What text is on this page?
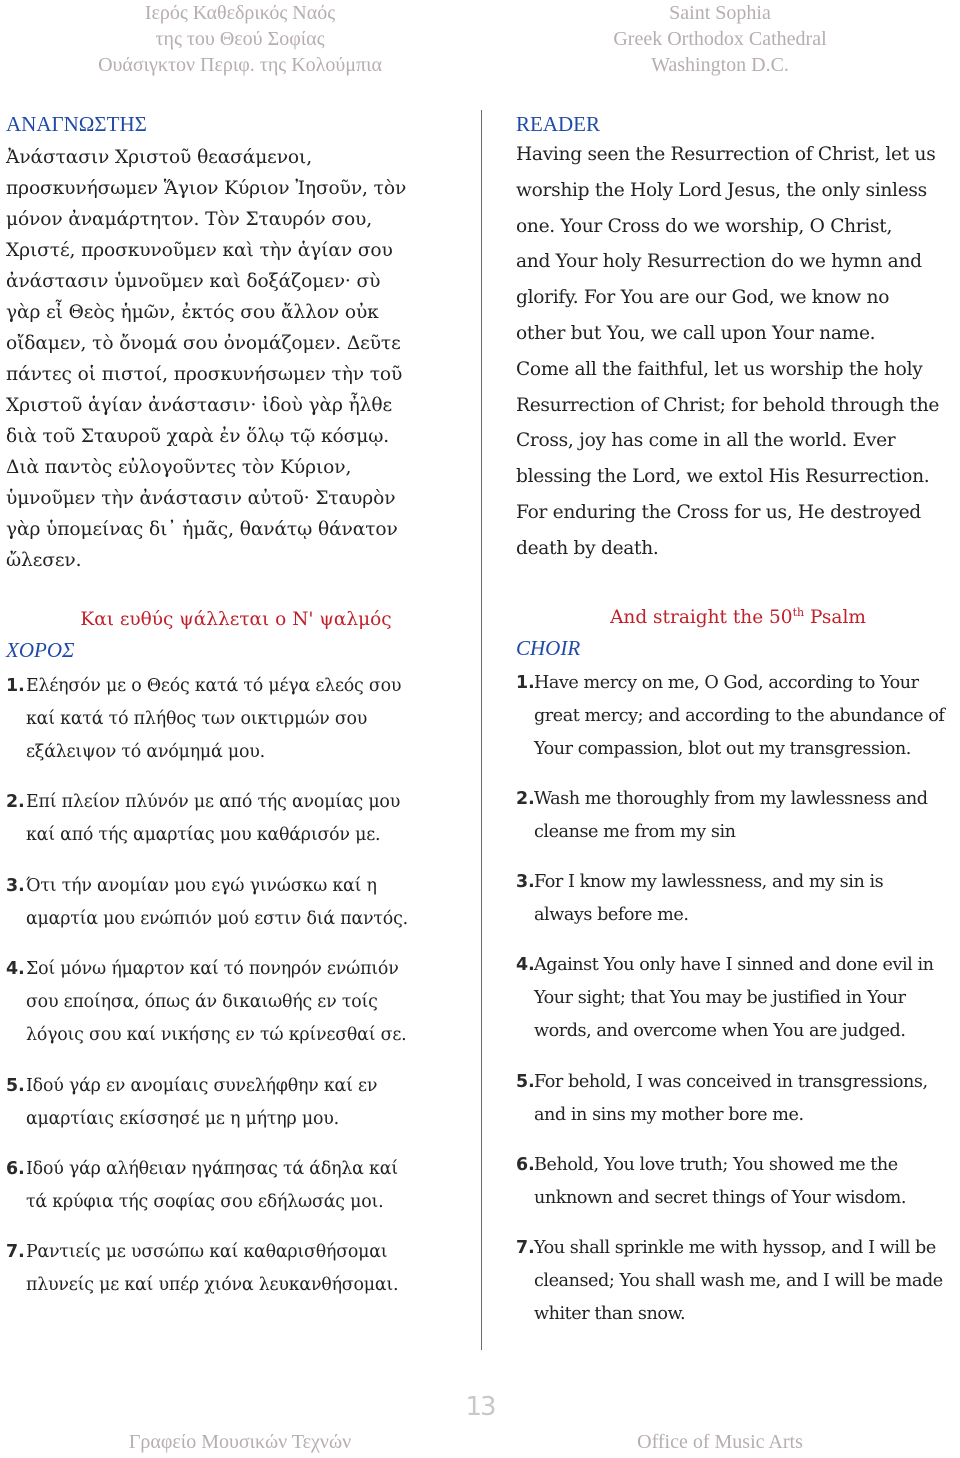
Ιερός Καθεδρικός Ναός
της του Θεού Σοφίας
Ουάσιγκτον Περιφ. της Κολούμπια
Saint Sophia
Greek Orthodox Cathedral
Washington D.C.
ΑΝΑΓΝΩΣΤΗΣ
Ἀνάστασιν Χριστοῦ θεασάμενοι,
προσκυνήσωμεν Ἅγιον Κύριον Ἰησοῦν, τὸν
μόνον ἀναμάρτητον. Τὸν Σταυρόν σου,
Χριστέ, προσκυνοῦμεν καὶ τὴν ἁγίαν σου
ἀνάστασιν ὑμνοῦμεν καὶ δοξάζομεν· σὺ
γὰρ εἶ Θεὸς ἡμῶν, ἐκτός σου ἄλλον οὐκ
οἴδαμεν, τὸ ὄνομά σου ὀνομάζομεν. Δεῦτε
πάντες οἱ πιστοί, προσκυνήσωμεν τὴν τοῦ
Χριστοῦ ἁγίαν ἀνάστασιν· ἰδοὺ γὰρ ἦλθε
διὰ τοῦ Σταυροῦ χαρὰ ἐν ὅλῳ τῷ κόσμῳ.
Διὰ παντὸς εὐλογοῦντες τὸν Κύριον,
ὑμνοῦμεν τὴν ἀνάστασιν αὐτοῦ· Σταυρὸν
γὰρ ὑπομείνας δι᾿ ἡμᾶς, θανάτῳ θάνατον
ὤλεσεν.
Και ευθύς ψάλλεται ο Ν' ψαλμός
ΧΟΡΟΣ
1. Ελέησόν με ο Θεός κατά τό μέγα ελεός σου
καί κατά τό πλήθος των οικτιρμών σου
εξάλειψον τό ανόμημά μου.
2. Επί πλείον πλύνόν με από τής ανομίας μου
καί από τής αμαρτίας μου καθάρισόν με.
3. Ότι τήν ανομίαν μου εγώ γινώσκω καί η
αμαρτία μου ενώπιόν μού εστιν διά παντός.
4. Σοί μόνω ήμαρτον καί τό πονηρόν ενώπιόν
σου εποίησα, όπως άν δικαιωθής εν τοίς
λόγοις σου καί νικήσης εν τώ κρίνεσθαί σε.
5. Ιδού γάρ εν ανομίαις συνελήφθην καί εν
αμαρτίαις εκίσσησέ με η μήτηρ μου.
6. Ιδού γάρ αλήθειαν ηγάπησας τά άδηλα καί
τά κρύφια τής σοφίας σου εδήλωσάς μοι.
7. Ραντιείς με υσσώπω καί καθαρισθήσομαι
πλυνείς με καί υπέρ χιόνα λευκανθήσομαι.
READER
Having seen the Resurrection of Christ, let us
worship the Holy Lord Jesus, the only sinless
one. Your Cross do we worship, O Christ,
and Your holy Resurrection do we hymn and
glorify. For You are our God, we know no
other but You, we call upon Your name.
Come all the faithful, let us worship the holy
Resurrection of Christ; for behold through the
Cross, joy has come in all the world. Ever
blessing the Lord, we extol His Resurrection.
For enduring the Cross for us, He destroyed
death by death.
And straight the 50th Psalm
CHOIR
1. Have mercy on me, O God, according to Your
great mercy; and according to the abundance of
Your compassion, blot out my transgression.
2. Wash me thoroughly from my lawlessness and
cleanse me from my sin
3. For I know my lawlessness, and my sin is
always before me.
4. Against You only have I sinned and done evil in
Your sight; that You may be justified in Your
words, and overcome when You are judged.
5. For behold, I was conceived in transgressions,
and in sins my mother bore me.
6. Behold, You love truth; You showed me the
unknown and secret things of Your wisdom.
7. You shall sprinkle me with hyssop, and I will be
cleansed; You shall wash me, and I will be made
whiter than snow.
13
Γραφείο Μουσικών Τεχνών	Office of Music Arts
